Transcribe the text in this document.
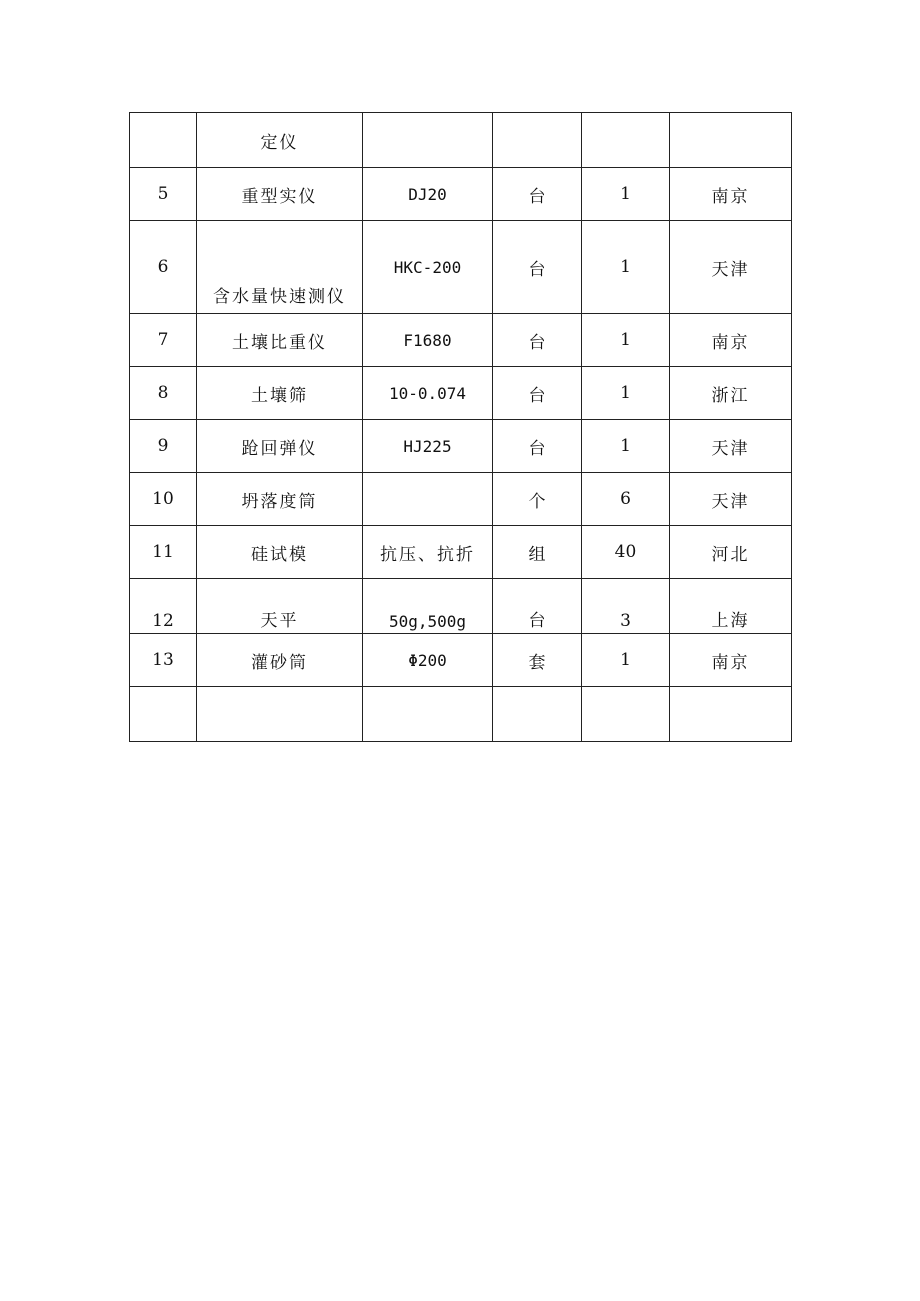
	定仪				
5	重型实仪	DJ20	台	1	南京
6	含水量快速测仪	HKC-200	台	1	天津
7	土壤比重仪	F1680	台	1	南京
8	土壤筛	10-0.074	台	1	浙江
9	跄回弹仪	HJ225	台	1	天津
10	坍落度筒		个	6	天津
11	硅试模	抗压、抗折	组	40	河北
12	天平	50g,500g	台	3	上海
13	灌砂筒	Φ200	套	1	南京
